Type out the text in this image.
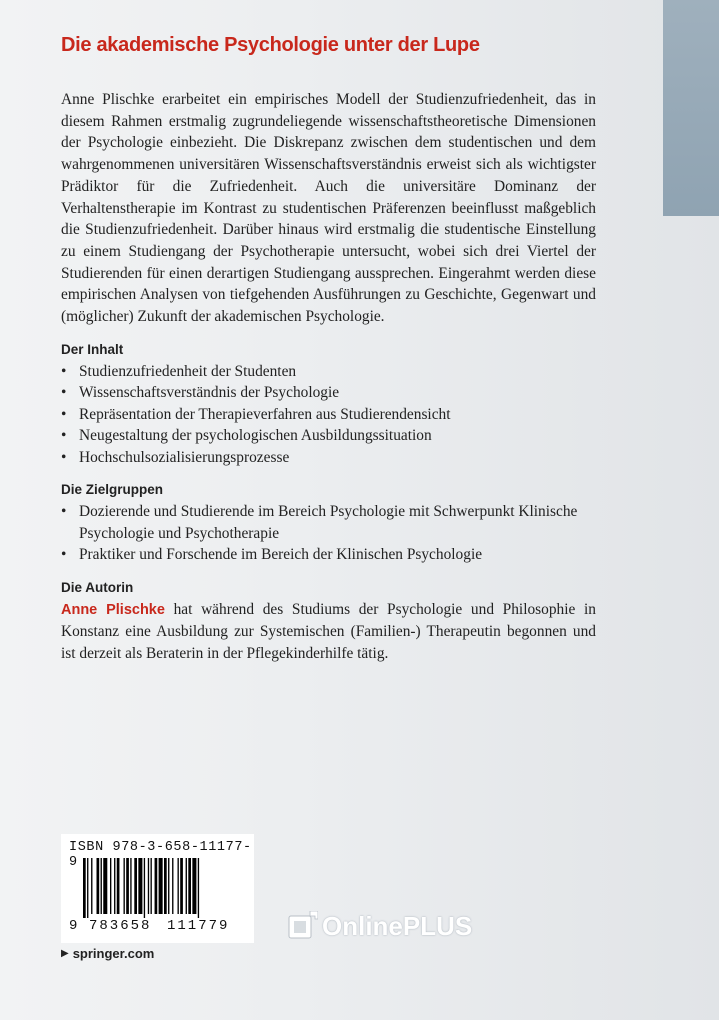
Die akademische Psychologie unter der Lupe

Anne Plischke erarbeitet ein empirisches Modell der Studienzufriedenheit, das in diesem Rahmen erstmalig zugrundeliegende wissenschaftstheoretische Dimensionen der Psychologie einbezieht. Die Diskrepanz zwischen dem studentischen und dem wahrgenommenen universitären Wissenschaftsverständnis erweist sich als wichtigster Prädiktor für die Zufriedenheit. Auch die universitäre Dominanz der Verhaltenstherapie im Kontrast zu studentischen Präferenzen beeinflusst maßgeblich die Studienzufriedenheit. Darüber hinaus wird erstmalig die studentische Einstellung zu einem Studiengang der Psychotherapie untersucht, wobei sich drei Viertel der Studierenden für einen derartigen Studiengang aussprechen. Eingerahmt werden diese empirischen Analysen von tiefgehenden Ausführungen zu Geschichte, Gegenwart und (möglicher) Zukunft der akademischen Psychologie.

Der Inhalt
• Studienzufriedenheit der Studenten
• Wissenschaftsverständnis der Psychologie
• Repräsentation der Therapieverfahren aus Studierendensicht
• Neugestaltung der psychologischen Ausbildungssituation
• Hochschulsozialisierungsprozesse
Die Zielgruppen
• Dozierende und Studierende im Bereich Psychologie mit Schwerpunkt Klinische Psychologie und Psychotherapie
• Praktiker und Forschende im Bereich der Klinischen Psychologie
Die Autorin

Anne Plischke hat während des Studiums der Psychologie und Philosophie in Konstanz eine Ausbildung zur Systemischen (Familien-) Therapeutin begonnen und ist derzeit als Beraterin in der Pflegekinderhilfe tätig.

ISBN 978-3-658-11177-9
9 783658 111779	Online PLUS
▶ springer.com
